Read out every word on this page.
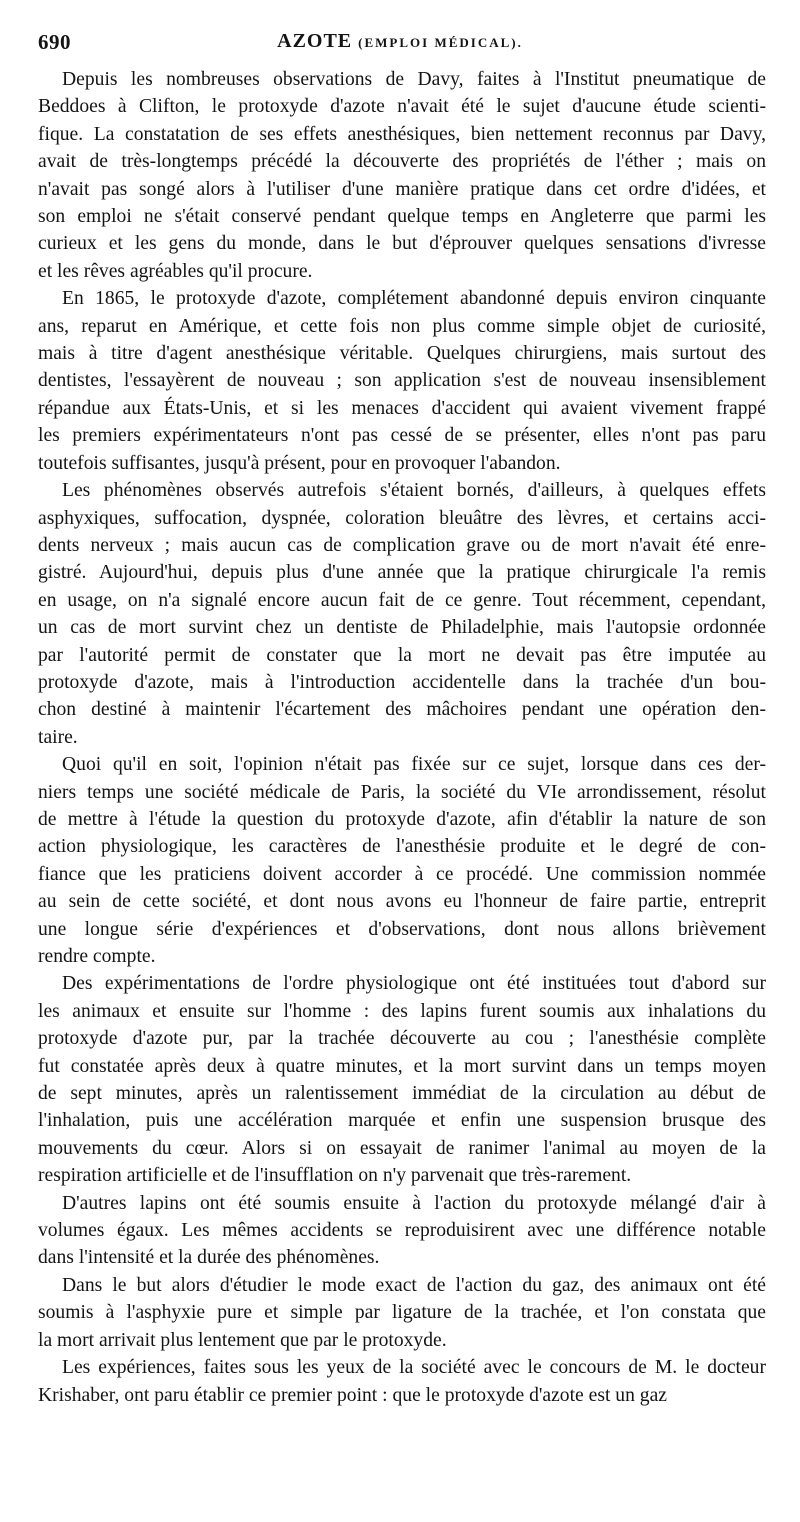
690	AZOTE (EMPLOI MÉDICAL).

Depuis les nombreuses observations de Davy, faites à l'Institut pneumatique de
Beddoes à Clifton, le protoxyde d'azote n'avait été le sujet d'aucune étude scienti-
fique. La constatation de ses effets anesthésiques, bien nettement reconnus par Davy,
avait de très-longtemps précédé la découverte des propriétés de l'éther ; mais on
n'avait pas songé alors à l'utiliser d'une manière pratique dans cet ordre d'idées, et
son emploi ne s'était conservé pendant quelque temps en Angleterre que parmi les
curieux et les gens du monde, dans le but d'éprouver quelques sensations d'ivresse
et les rêves agréables qu'il procure.

En 1865, le protoxyde d'azote, complétement abandonné depuis environ cinquante
ans, reparut en Amérique, et cette fois non plus comme simple objet de curiosité,
mais à titre d'agent anesthésique véritable. Quelques chirurgiens, mais surtout des
dentistes, l'essayèrent de nouveau ; son application s'est de nouveau insensiblement
répandue aux États-Unis, et si les menaces d'accident qui avaient vivement frappé
les premiers expérimentateurs n'ont pas cessé de se présenter, elles n'ont pas paru
toutefois suffisantes, jusqu'à présent, pour en provoquer l'abandon.

Les phénomènes observés autrefois s'étaient bornés, d'ailleurs, à quelques effets
asphyxiques, suffocation, dyspnée, coloration bleuâtre des lèvres, et certains acci-
dents nerveux ; mais aucun cas de complication grave ou de mort n'avait été enre-
gistré. Aujourd'hui, depuis plus d'une année que la pratique chirurgicale l'a remis
en usage, on n'a signalé encore aucun fait de ce genre. Tout récemment, cependant,
un cas de mort survint chez un dentiste de Philadelphie, mais l'autopsie ordonnée
par l'autorité permit de constater que la mort ne devait pas être imputée au
protoxyde d'azote, mais à l'introduction accidentelle dans la trachée d'un bou-
chon destiné à maintenir l'écartement des mâchoires pendant une opération den-
taire.

Quoi qu'il en soit, l'opinion n'était pas fixée sur ce sujet, lorsque dans ces der-
niers temps une société médicale de Paris, la société du VIe arrondissement, résolut
de mettre à l'étude la question du protoxyde d'azote, afin d'établir la nature de son
action physiologique, les caractères de l'anesthésie produite et le degré de con-
fiance que les praticiens doivent accorder à ce procédé. Une commission nommée
au sein de cette société, et dont nous avons eu l'honneur de faire partie, entreprit
une longue série d'expériences et d'observations, dont nous allons brièvement
rendre compte.

Des expérimentations de l'ordre physiologique ont été instituées tout d'abord sur
les animaux et ensuite sur l'homme : des lapins furent soumis aux inhalations du
protoxyde d'azote pur, par la trachée découverte au cou ; l'anesthésie complète
fut constatée après deux à quatre minutes, et la mort survint dans un temps moyen
de sept minutes, après un ralentissement immédiat de la circulation au début de
l'inhalation, puis une accélération marquée et enfin une suspension brusque des
mouvements du cœur. Alors si on essayait de ranimer l'animal au moyen de la
respiration artificielle et de l'insufflation on n'y parvenait que très-rarement.

D'autres lapins ont été soumis ensuite à l'action du protoxyde mélangé d'air à
volumes égaux. Les mêmes accidents se reproduisirent avec une différence notable
dans l'intensité et la durée des phénomènes.

Dans le but alors d'étudier le mode exact de l'action du gaz, des animaux ont été
soumis à l'asphyxie pure et simple par ligature de la trachée, et l'on constata que
la mort arrivait plus lentement que par le protoxyde.

Les expériences, faites sous les yeux de la société avec le concours de M. le docteur
Krishaber, ont paru établir ce premier point : que le protoxyde d'azote est un gaz
